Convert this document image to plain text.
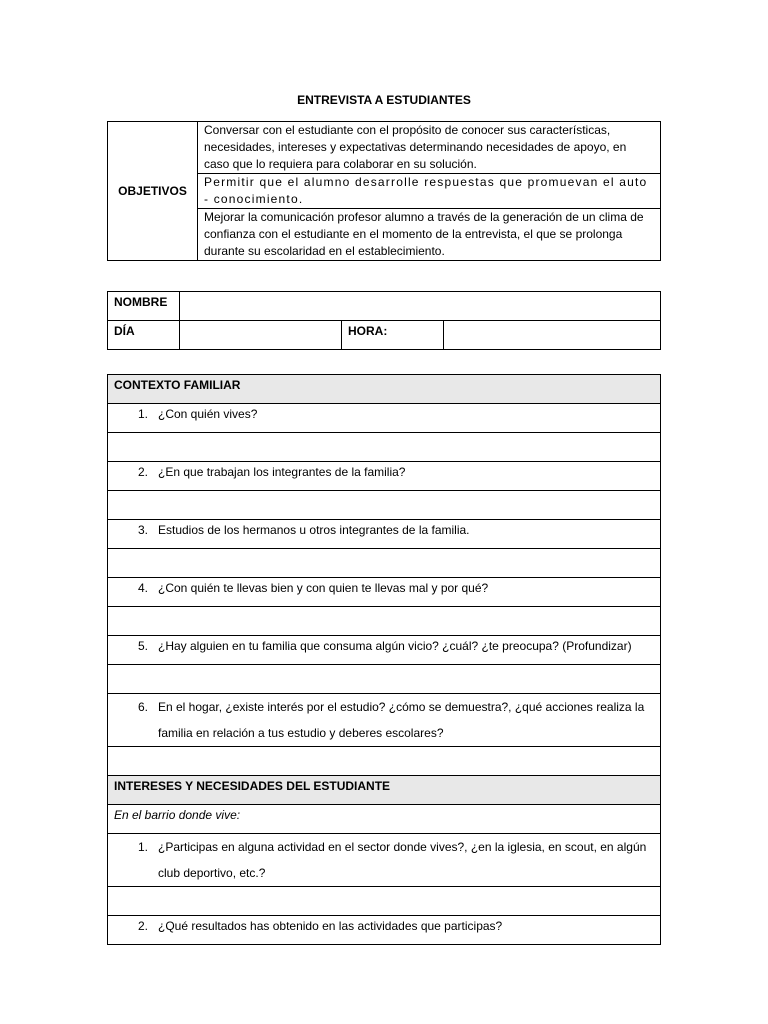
ENTREVISTA A ESTUDIANTES
OBJETIVOS	Conversar con el estudiante con el propósito de conocer sus características, necesidades, intereses y expectativas determinando necesidades de apoyo, en caso que lo requiera para colaborar en su solución.
Permitir que el alumno desarrolle respuestas que promuevan el auto - conocimiento.
Mejorar la comunicación profesor alumno a través de la generación de un clima de confianza con el estudiante en el momento de la entrevista, el que se prolonga durante su escolaridad en el establecimiento.
NOMBRE			
DÍA		HORA:	
CONTEXTO FAMILIAR

1. ¿Con quién vives?

2. ¿En que trabajan los integrantes de la familia?

3. Estudios de los hermanos u otros integrantes de la familia.

4. ¿Con quién te llevas bien y con quien te llevas mal y por qué?

5. ¿Hay alguien en tu familia que consuma algún vicio? ¿cuál? ¿te preocupa? (Profundizar)

6. En el hogar, ¿existe interés por el estudio? ¿cómo se demuestra?, ¿qué acciones realiza la familia en relación a tus estudio y deberes escolares?

INTERESES Y NECESIDADES DEL ESTUDIANTE
En el barrio donde vive:

1. ¿Participas en alguna actividad en el sector donde vives?, ¿en la iglesia, en scout, en algún club deportivo, etc.?

2. ¿Qué resultados has obtenido en las actividades que participas?
